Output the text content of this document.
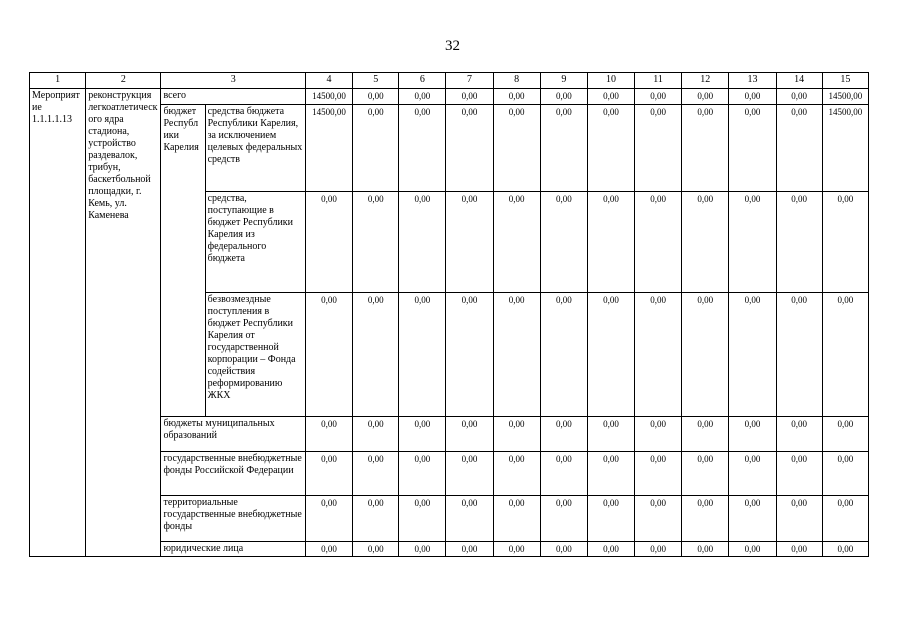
32
1	2	3		4	5	6	7	8	9	10	11	12	13	14	15
Мероприятие 1.1.1.1.13	реконструкция легкоатлетического ядра стадиона, устройство раздевалок, трибун, баскетбольной площадки, г. Кемь, ул. Каменева	всего		14500,00	0,00	0,00	0,00	0,00	0,00	0,00	0,00	0,00	0,00	0,00	14500,00
		бюджет Республики Карелия	средства бюджета Республики Карелия, за исключением целевых федеральных средств	14500,00	0,00	0,00	0,00	0,00	0,00	0,00	0,00	0,00	0,00	0,00	14500,00
			средства, поступающие в бюджет Республики Карелия из федерального бюджета	0,00	0,00	0,00	0,00	0,00	0,00	0,00	0,00	0,00	0,00	0,00	0,00
			безвозмездные поступления в бюджет Республики Карелия от государственной корпорации – Фонда содействия реформированию ЖКХ	0,00	0,00	0,00	0,00	0,00	0,00	0,00	0,00	0,00	0,00	0,00	0,00
		бюджеты муниципальных образований		0,00	0,00	0,00	0,00	0,00	0,00	0,00	0,00	0,00	0,00	0,00	0,00
		государственные внебюджетные фонды Российской Федерации		0,00	0,00	0,00	0,00	0,00	0,00	0,00	0,00	0,00	0,00	0,00	0,00
		территориальные государственные внебюджетные фонды		0,00	0,00	0,00	0,00	0,00	0,00	0,00	0,00	0,00	0,00	0,00	0,00
		юридические лица		0,00	0,00	0,00	0,00	0,00	0,00	0,00	0,00	0,00	0,00	0,00	0,00
